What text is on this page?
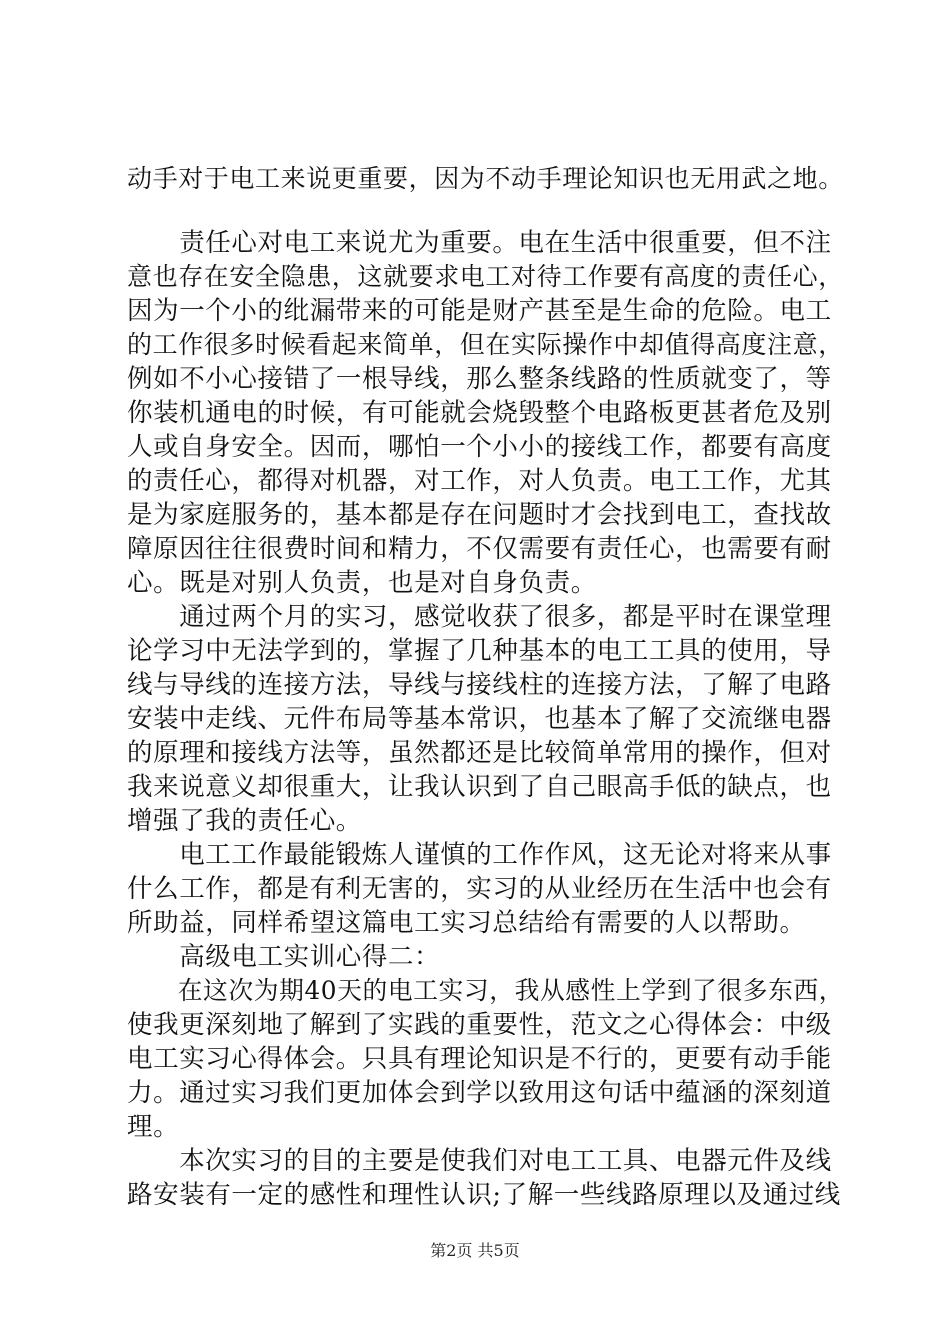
动手对于电工来说更重要，因为不动手理论知识也无用武之地。
　　责任心对电工来说尤为重要。电在生活中很重要，但不注
意也存在安全隐患，这就要求电工对待工作要有高度的责任心，
因为一个小的纰漏带来的可能是财产甚至是生命的危险。电工
的工作很多时候看起来简单，但在实际操作中却值得高度注意，
例如不小心接错了一根导线，那么整条线路的性质就变了，等
你装机通电的时候，有可能就会烧毁整个电路板更甚者危及别
人或自身安全。因而，哪怕一个小小的接线工作，都要有高度
的责任心，都得对机器，对工作，对人负责。电工工作，尤其
是为家庭服务的，基本都是存在问题时才会找到电工，查找故
障原因往往很费时间和精力，不仅需要有责任心，也需要有耐
心。既是对别人负责，也是对自身负责。
　　通过两个月的实习，感觉收获了很多，都是平时在课堂理
论学习中无法学到的，掌握了几种基本的电工工具的使用，导
线与导线的连接方法，导线与接线柱的连接方法，了解了电路
安装中走线、元件布局等基本常识，也基本了解了交流继电器
的原理和接线方法等，虽然都还是比较简单常用的操作，但对
我来说意义却很重大，让我认识到了自己眼高手低的缺点，也
增强了我的责任心。
　　电工工作最能锻炼人谨慎的工作作风，这无论对将来从事
什么工作，都是有利无害的，实习的从业经历在生活中也会有
所助益，同样希望这篇电工实习总结给有需要的人以帮助。
　　高级电工实训心得二：
　　在这次为期40天的电工实习，我从感性上学到了很多东西，
使我更深刻地了解到了实践的重要性，范文之心得体会：中级
电工实习心得体会。只具有理论知识是不行的，更要有动手能
力。通过实习我们更加体会到学以致用这句话中蕴涵的深刻道
理。
　　本次实习的目的主要是使我们对电工工具、电器元件及线
路安装有一定的感性和理性认识;了解一些线路原理以及通过线
第2页 共5页
